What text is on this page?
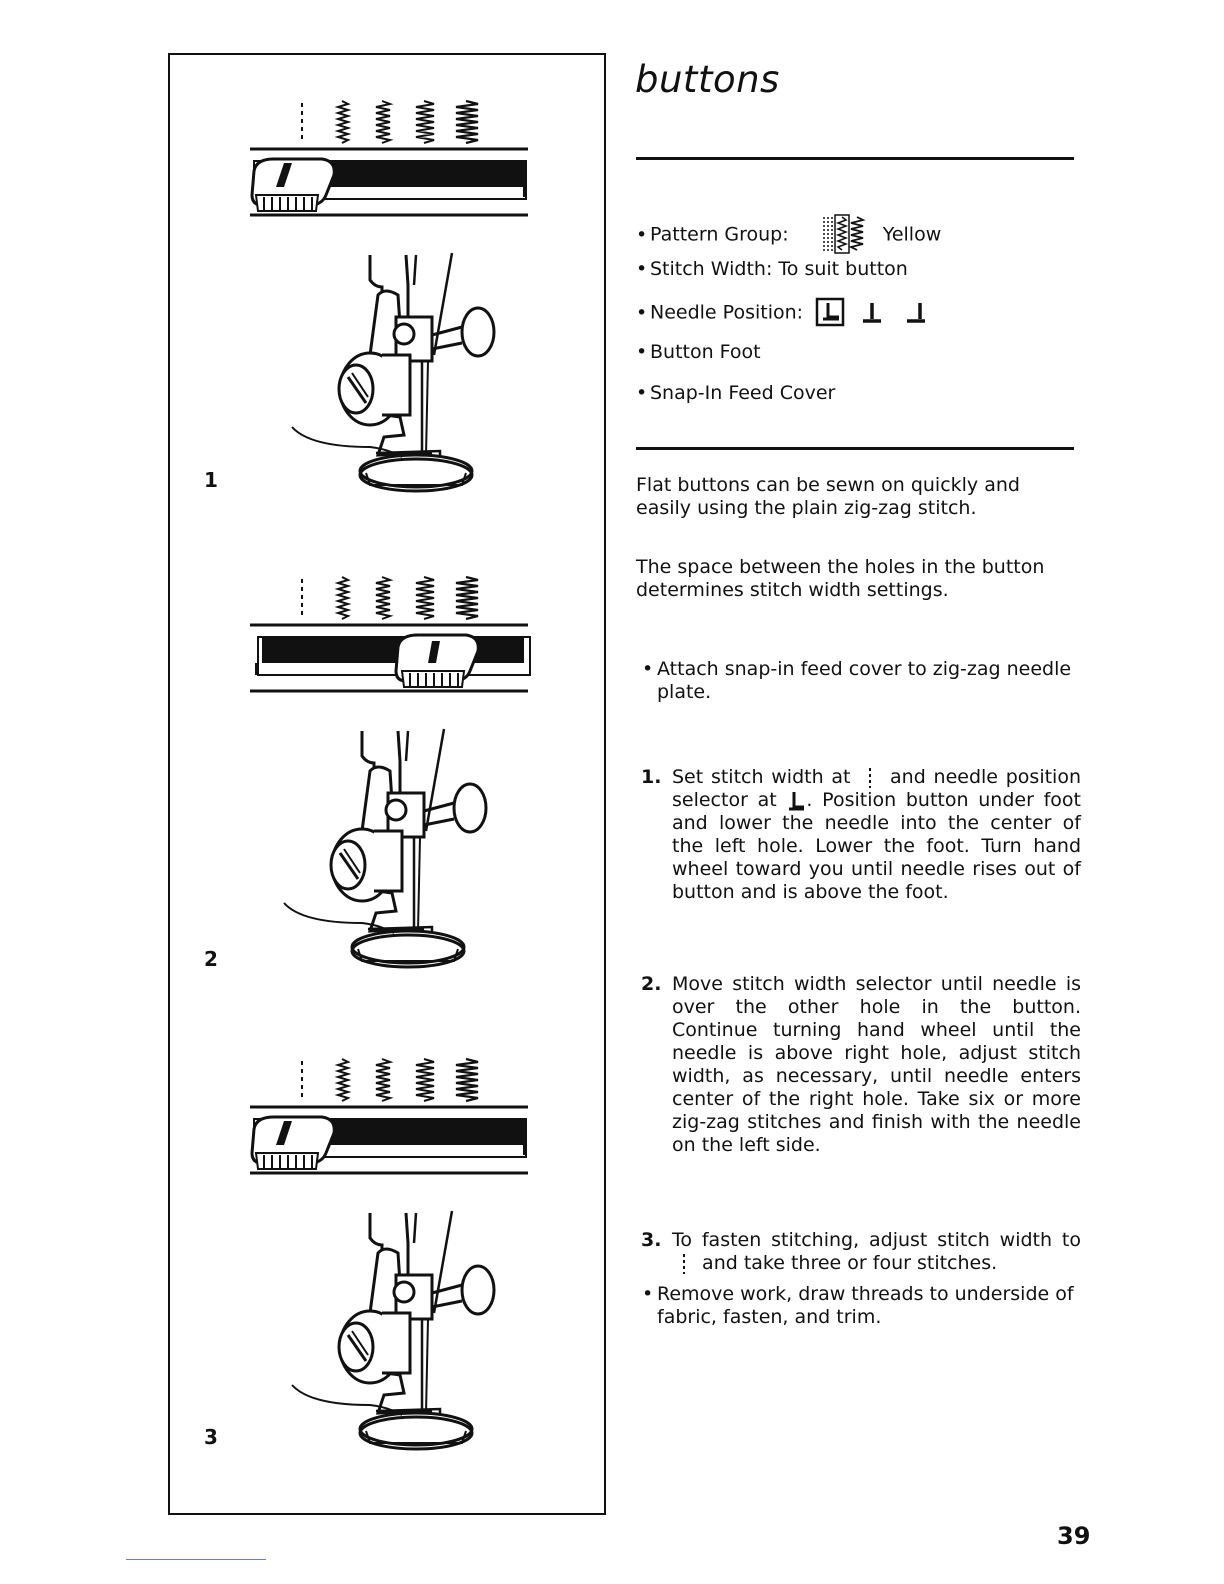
1
2
3
buttons
• Pattern Group:	Yellow
• Stitch Width: To suit button
• Needle Position:
• Button Foot
• Snap-In Feed Cover

Flat buttons can be sewn on quickly and easily using the plain zig-zag stitch.

The space between the holes in the button determines stitch width settings.

• Attach snap-in feed cover to zig-zag needle plate.
1. Set stitch width at and needle position selector at . Position button under foot and lower the needle into the center of the left hole. Lower the foot. Turn hand wheel toward you until needle rises out of button and is above the foot.
2. Move stitch width selector until needle is over the other hole in the button. Continue turning hand wheel until the needle is above right hole, adjust stitch width, as necessary, until needle enters center of the right hole. Take six or more zig-zag stitches and finish with the needle on the left side.
3. To fasten stitching, adjust stitch width to  and take three or four stitches.
• Remove work, draw threads to underside of fabric, fasten, and trim.
39
